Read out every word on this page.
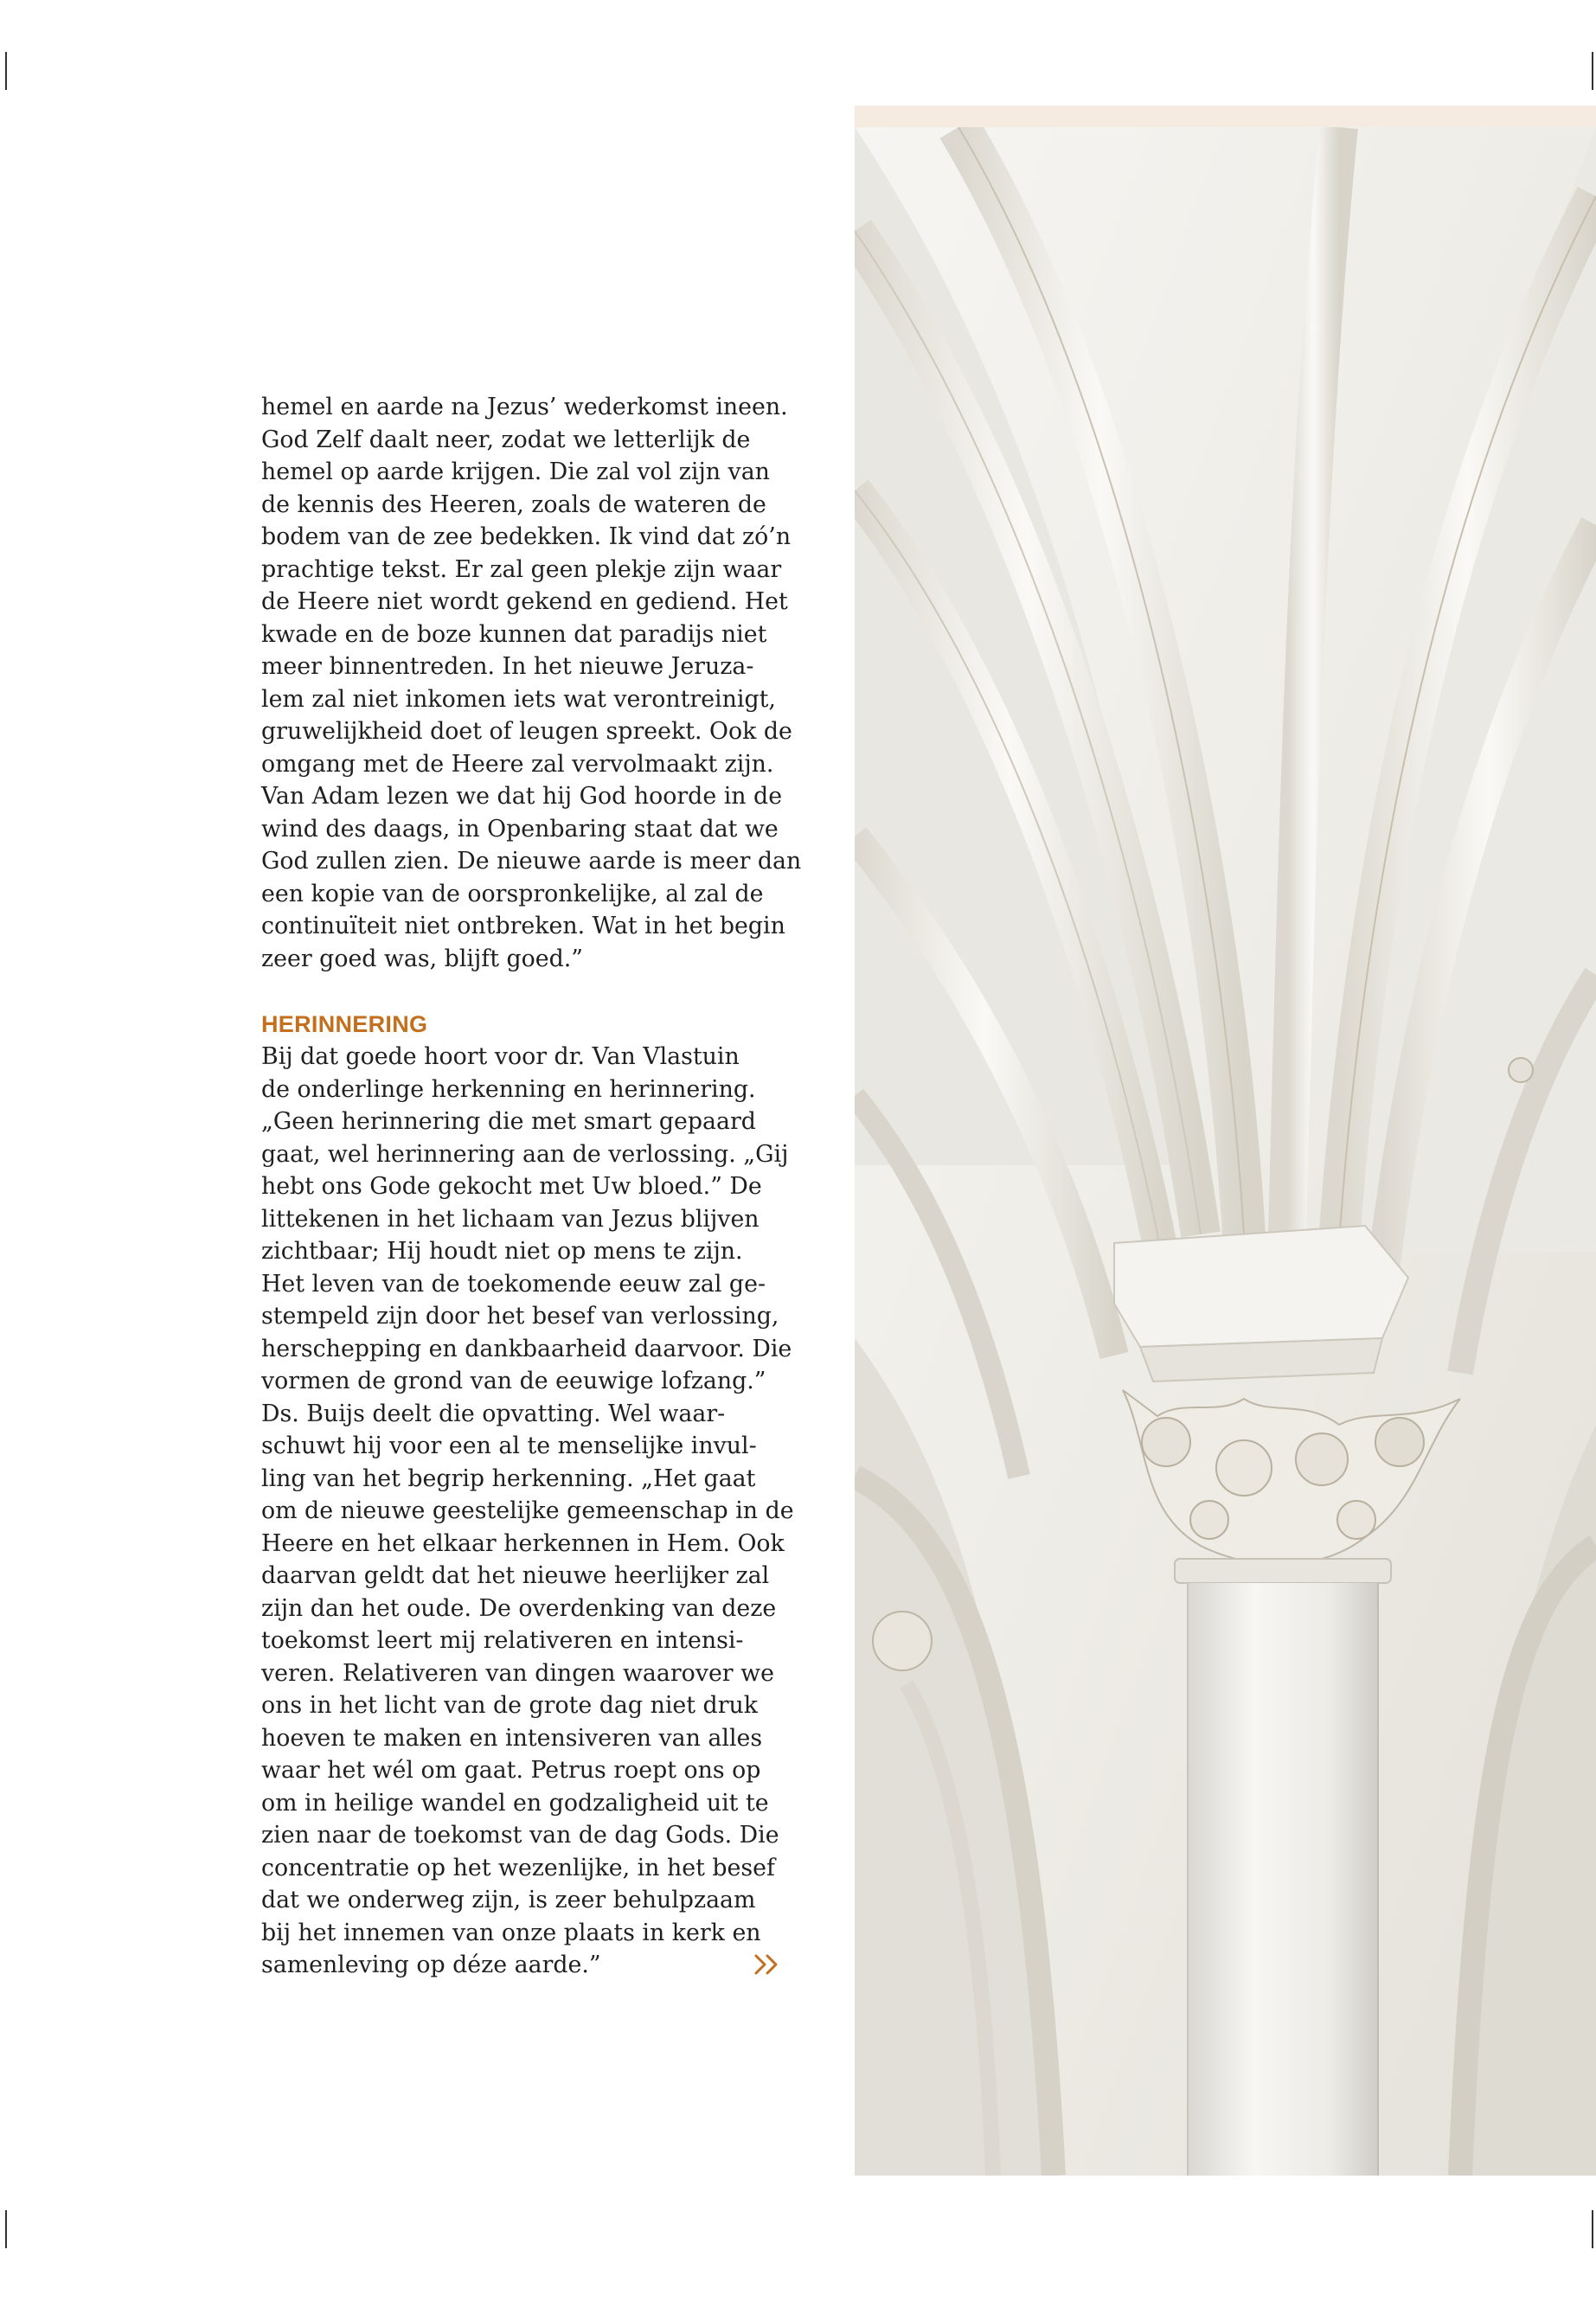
hemel en aarde na Jezus’ wederkomst ineen.
God Zelf daalt neer, zodat we letterlijk de
hemel op aarde krijgen. Die zal vol zijn van
de kennis des Heeren, zoals de wateren de
bodem van de zee bedekken. Ik vind dat zó’n
prachtige tekst. Er zal geen plekje zijn waar
de Heere niet wordt gekend en gediend. Het
kwade en de boze kunnen dat paradijs niet
meer binnentreden. In het nieuwe Jeruza-
lem zal niet inkomen iets wat verontreinigt,
gruwelijkheid doet of leugen spreekt. Ook de
omgang met de Heere zal vervolmaakt zijn.
Van Adam lezen we dat hij God hoorde in de
wind des daags, in Openbaring staat dat we
God zullen zien. De nieuwe aarde is meer dan
een kopie van de oorspronkelijke, al zal de
continuïteit niet ontbreken. Wat in het begin
zeer goed was, blijft goed.”
HERINNERING
Bij dat goede hoort voor dr. Van Vlastuin
de onderlinge herkenning en herinnering.
„Geen herinnering die met smart gepaard
gaat, wel herinnering aan de verlossing. „Gij
hebt ons Gode gekocht met Uw bloed.” De
littekenen in het lichaam van Jezus blijven
zichtbaar; Hij houdt niet op mens te zijn.
Het leven van de toekomende eeuw zal ge-
stempeld zijn door het besef van verlossing,
herschepping en dankbaarheid daarvoor. Die
vormen de grond van de eeuwige lofzang.”
Ds. Buijs deelt die opvatting. Wel waar-
schuwt hij voor een al te menselijke invul-
ling van het begrip herkenning. „Het gaat
om de nieuwe geestelijke gemeenschap in de
Heere en het elkaar herkennen in Hem. Ook
daarvan geldt dat het nieuwe heerlijker zal
zijn dan het oude. De overdenking van deze
toekomst leert mij relativeren en intensi-
veren. Relativeren van dingen waarover we
ons in het licht van de grote dag niet druk
hoeven te maken en intensiveren van alles
waar het wél om gaat. Petrus roept ons op
om in heilige wandel en godzaligheid uit te
zien naar de toekomst van de dag Gods. Die
concentratie op het wezenlijke, in het besef
dat we onderweg zijn, is zeer behulpzaam
bij het innemen van onze plaats in kerk en
samenleving op déze aarde.”
